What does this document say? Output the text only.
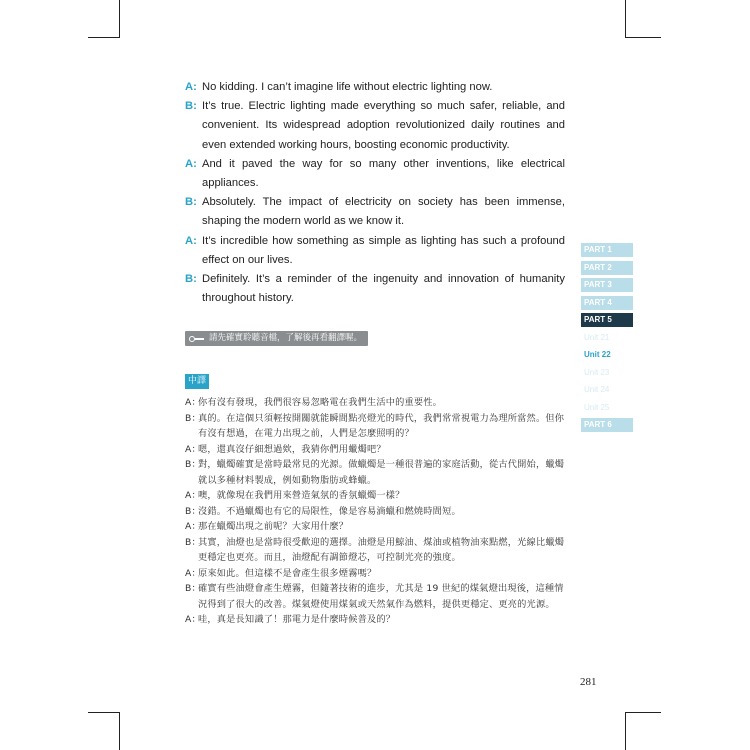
A: No kidding. I can’t imagine life without electric lighting now.
B: It’s true. Electric lighting made everything so much safer, reliable, and convenient. Its widespread adoption revolutionized daily routines and even extended working hours, boosting economic productivity.
A: And it paved the way for so many other inventions, like electrical appliances.
B: Absolutely. The impact of electricity on society has been immense, shaping the modern world as we know it.
A: It’s incredible how something as simple as lighting has such a profound effect on our lives.
B: Definitely. It’s a reminder of the ingenuity and innovation of humanity throughout history.
請先確實聆聽音檔，了解後再看翻譯喔。
中譯
A：
你有沒有發現，我們很容易忽略電在我們生活中的重要性。
B：
真的。在這個只須輕按開關就能瞬間點亮燈光的時代，我們常常視電力為理所當然。但你有沒有想過，在電力出現之前，人們是怎麼照明的？
A：
嗯，還真沒仔細想過欸，我猜你們用蠟燭吧？
B：
對，蠟燭確實是當時最常見的光源。做蠟燭是一種很普遍的家庭活動，從古代開始，蠟燭就以多種材料製成，例如動物脂肪或蜂蠟。
A：
噢，就像現在我們用來營造氣氛的香氛蠟燭一樣？
B：
沒錯。不過蠟燭也有它的局限性，像是容易滴蠟和燃燒時間短。
A：
那在蠟燭出現之前呢？大家用什麼？
B：
其實，油燈也是當時很受歡迎的選擇。油燈是用鯨油、煤油或植物油來點燃，光線比蠟燭更穩定也更亮。而且，油燈配有調節燈芯，可控制光亮的強度。
A：
原來如此。但這樣不是會產生很多煙霧嗎？
B：
確實有些油燈會產生煙霧，但隨著技術的進步，尤其是 19 世紀的煤氣燈出現後，這種情況得到了很大的改善。煤氣燈使用煤氣或天然氣作為燃料，提供更穩定、更亮的光源。
A：
哇，真是長知識了！那電力是什麼時候普及的？
PART 1
PART 2
PART 3
PART 4
PART 5
Unit 21
Unit 22
Unit 23
Unit 24
Unit 25
PART 6
281
